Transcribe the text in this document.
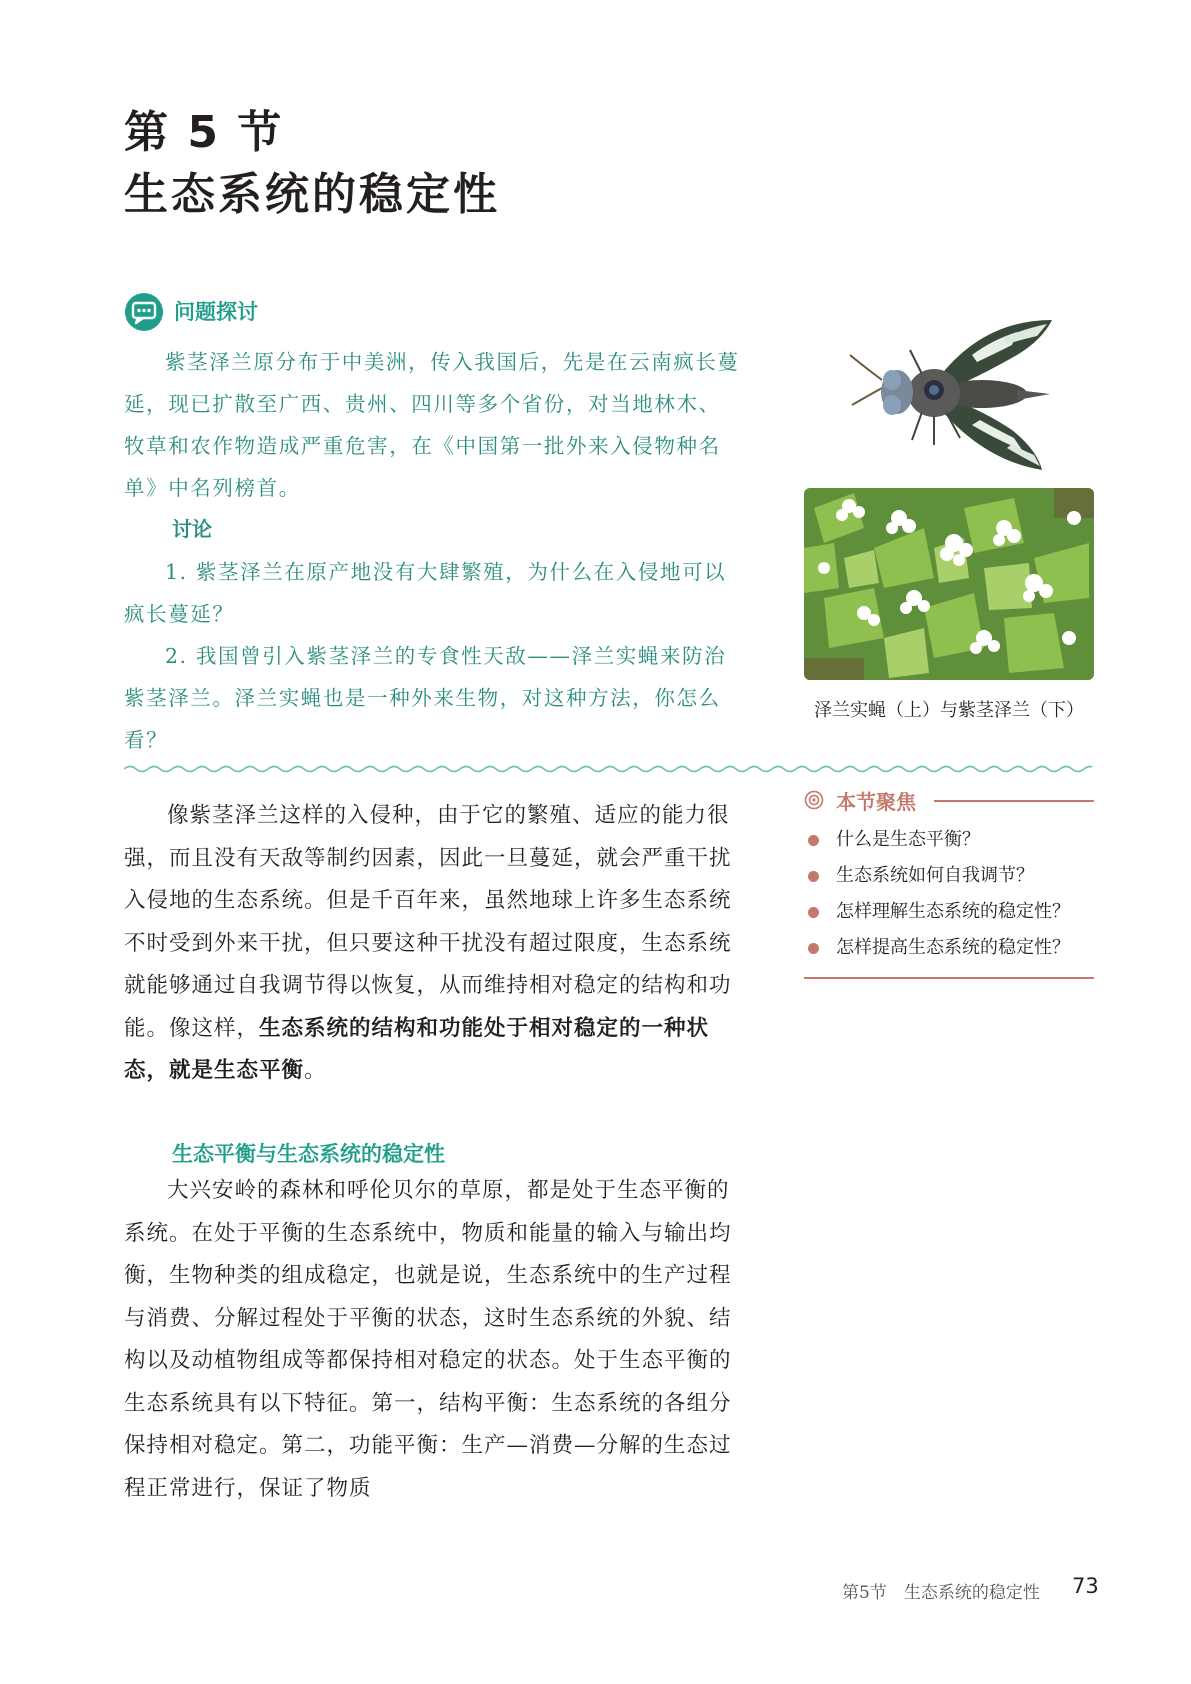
第 5 节
生态系统的稳定性
问题探讨

紫茎泽兰原分布于中美洲，传入我国后，先是在云南疯长蔓延，现已扩散至广西、贵州、四川等多个省份，对当地林木、牧草和农作物造成严重危害，在《中国第一批外来入侵物种名单》中名列榜首。

讨论

1. 紫茎泽兰在原产地没有大肆繁殖，为什么在入侵地可以疯长蔓延？

2. 我国曾引入紫茎泽兰的专食性天敌——泽兰实蝇来防治紫茎泽兰。泽兰实蝇也是一种外来生物，对这种方法，你怎么看？

泽兰实蝇（上）与紫茎泽兰（下）

像紫茎泽兰这样的入侵种，由于它的繁殖、适应的能力很强，而且没有天敌等制约因素，因此一旦蔓延，就会严重干扰入侵地的生态系统。但是千百年来，虽然地球上许多生态系统不时受到外来干扰，但只要这种干扰没有超过限度，生态系统就能够通过自我调节得以恢复，从而维持相对稳定的结构和功能。像这样，生态系统的结构和功能处于相对稳定的一种状态，就是生态平衡。

生态平衡与生态系统的稳定性

大兴安岭的森林和呼伦贝尔的草原，都是处于生态平衡的系统。在处于平衡的生态系统中，物质和能量的输入与输出均衡，生物种类的组成稳定，也就是说，生态系统中的生产过程与消费、分解过程处于平衡的状态，这时生态系统的外貌、结构以及动植物组成等都保持相对稳定的状态。处于生态平衡的生态系统具有以下特征。第一，结构平衡：生态系统的各组分保持相对稳定。第二，功能平衡：生产—消费—分解的生态过程正常进行，保证了物质

本节聚焦
什么是生态平衡？
生态系统如何自我调节？
怎样理解生态系统的稳定性？
怎样提高生态系统的稳定性？
第5节　生态系统的稳定性 73
